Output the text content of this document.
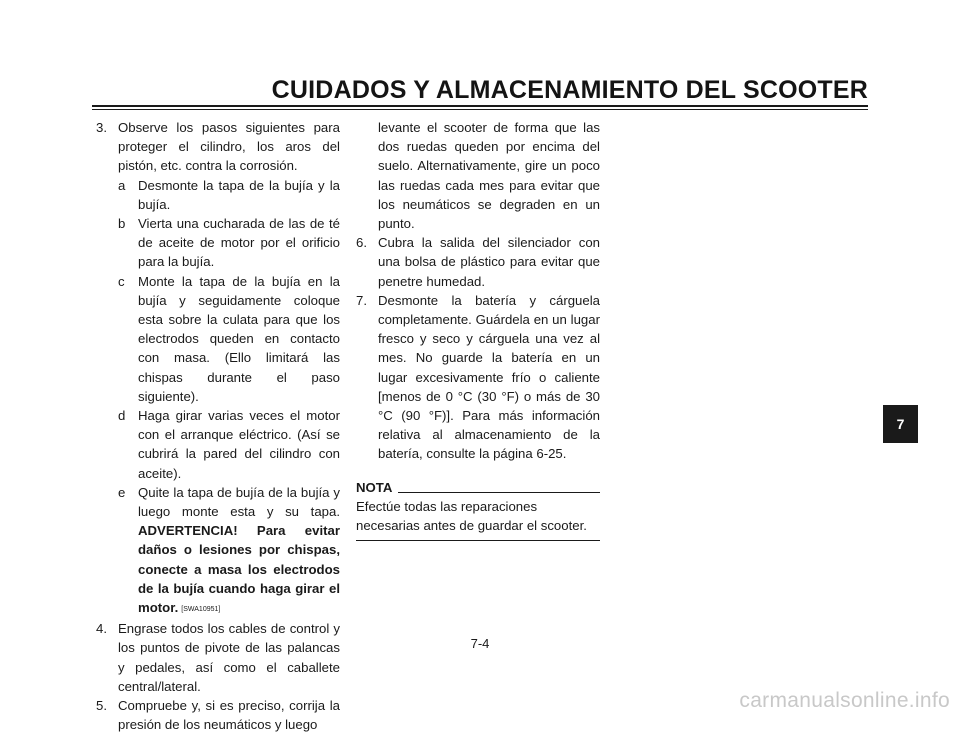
CUIDADOS Y ALMACENAMIENTO DEL SCOOTER
3. Observe los pasos siguientes para proteger el cilindro, los aros del pistón, etc. contra la corrosión.
a Desmonte la tapa de la bujía y la bujía.
b Vierta una cucharada de las de té de aceite de motor por el orificio para la bujía.
c	Monte la tapa de la bujía en la bujía y seguidamente coloque esta sobre la culata para que los electrodos queden en contacto con masa. (Ello limitará las chispas durante el paso siguiente).
d Haga girar varias veces el motor con el arranque eléctrico. (Así se cubrirá la pared del cilindro con aceite).
e Quite la tapa de bujía de la bujía y luego monte esta y su tapa. ADVERTENCIA! Para evitar daños o lesiones por chispas, conecte a masa los electrodos de la bujía cuando haga girar el motor. [SWA10951]
4. Engrase todos los cables de control y los puntos de pivote de las palancas y pedales, así como el caballete central/lateral.
5. Compruebe y, si es preciso, corrija la presión de los neumáticos y luego
levante el scooter de forma que las dos ruedas queden por encima del suelo. Alternativamente, gire un poco las ruedas cada mes para evitar que los neumáticos se degraden en un punto.
6. Cubra la salida del silenciador con una bolsa de plástico para evitar que penetre humedad.
7. Desmonte la batería y cárguela completamente. Guárdela en un lugar fresco y seco y cárguela una vez al mes. No guarde la batería en un lugar excesivamente frío o caliente [menos de 0 °C (30 °F) o más de 30 °C (90 °F)]. Para más información relativa al almacenamiento de la batería, consulte la página 6-25.
NOTA
Efectúe todas las reparaciones necesarias antes de guardar el scooter.
7
7-4
carmanualsonline.info
